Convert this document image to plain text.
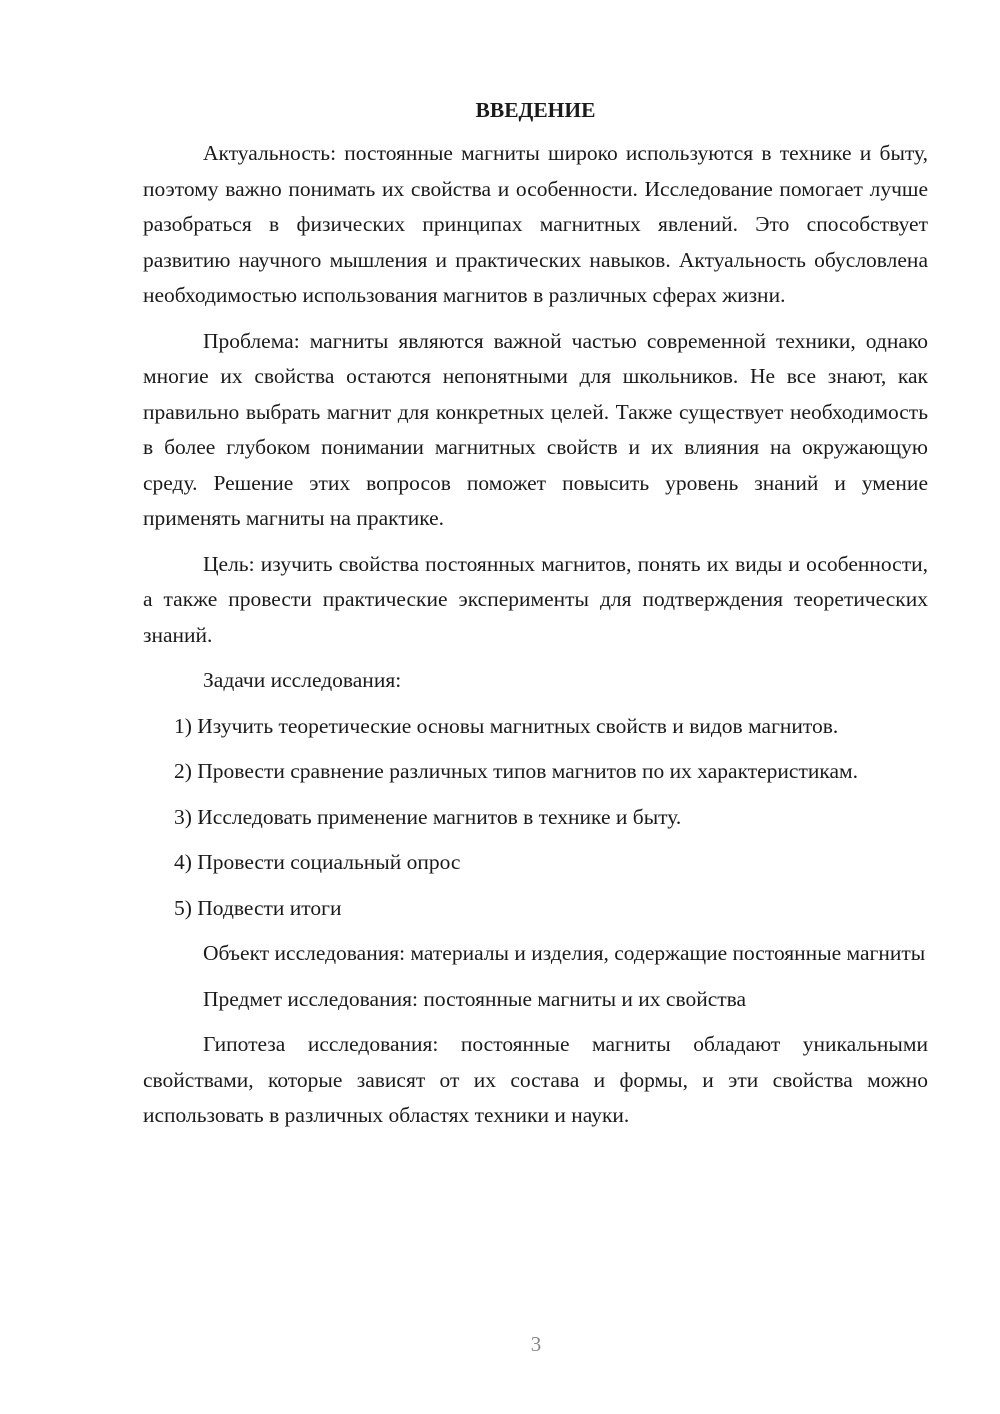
ВВЕДЕНИЕ

Актуальность: постоянные магниты широко используются в технике и быту, поэтому важно понимать их свойства и особенности. Исследование помогает лучше разобраться в физических принципах магнитных явлений. Это способствует развитию научного мышления и практических навыков. Актуальность обусловлена необходимостью использования магнитов в различных сферах жизни.

Проблема: магниты являются важной частью современной техники, однако многие их свойства остаются непонятными для школьников. Не все знают, как правильно выбрать магнит для конкретных целей. Также существует необходимость в более глубоком понимании магнитных свойств и их влияния на окружающую среду. Решение этих вопросов поможет повысить уровень знаний и умение применять магниты на практике.

Цель: изучить свойства постоянных магнитов, понять их виды и особенности, а также провести практические эксперименты для подтверждения теоретических знаний.

Задачи исследования:

1) Изучить теоретические основы магнитных свойств и видов магнитов.

2) Провести сравнение различных типов магнитов по их характеристикам.

3) Исследовать применение магнитов в технике и быту.

4) Провести социальный опрос

5) Подвести итоги

Объект исследования: материалы и изделия, содержащие постоянные магниты

Предмет исследования: постоянные магниты и их свойства

Гипотеза исследования: постоянные магниты обладают уникальными свойствами, которые зависят от их состава и формы, и эти свойства можно использовать в различных областях техники и науки.

3
